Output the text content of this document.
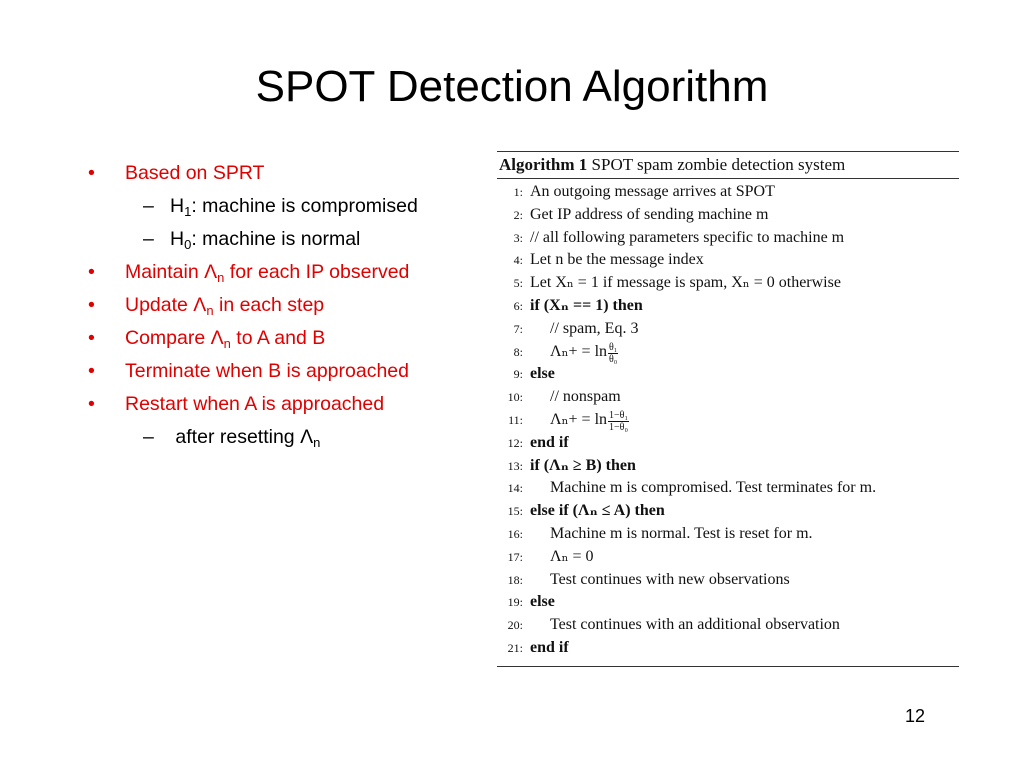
SPOT Detection Algorithm
• Based on SPRT
– $H_1$: machine is compromised
– $H_0$: machine is normal
• Maintain $\Lambda_n$ for each IP observed
• Update $\Lambda_n$ in each step
• Compare $\Lambda_n$ to A and B
• Terminate when B is approached
• Restart when A is approached
– after resetting $\Lambda_n$
Algorithm 1 SPOT spam zombie detection system
1: An outgoing message arrives at SPOT
2: Get IP address of sending machine m
3: // all following parameters specific to machine m
4: Let n be the message index
5: Let Xₙ = 1 if message is spam, Xₙ = 0 otherwise
6: if (Xₙ == 1) then
7: // spam, Eq. 3
8: $\Lambda_n+ = \ln \frac{\text{θ₁}}{\text{θ₀}}$
9: else
10: // nonspam
11: $\Lambda_n+ = \ln \frac{\text{1−θ₁}}{\text{1−θ₀}}$
12: end if
13: if (Λₙ ≥ B) then
14: Machine m is compromised. Test terminates for m.
15: else if (Λₙ ≤ A) then
16: Machine m is normal. Test is reset for m.
17: Λₙ = 0
18: Test continues with new observations
19: else
20: Test continues with an additional observation
21: end if
12
